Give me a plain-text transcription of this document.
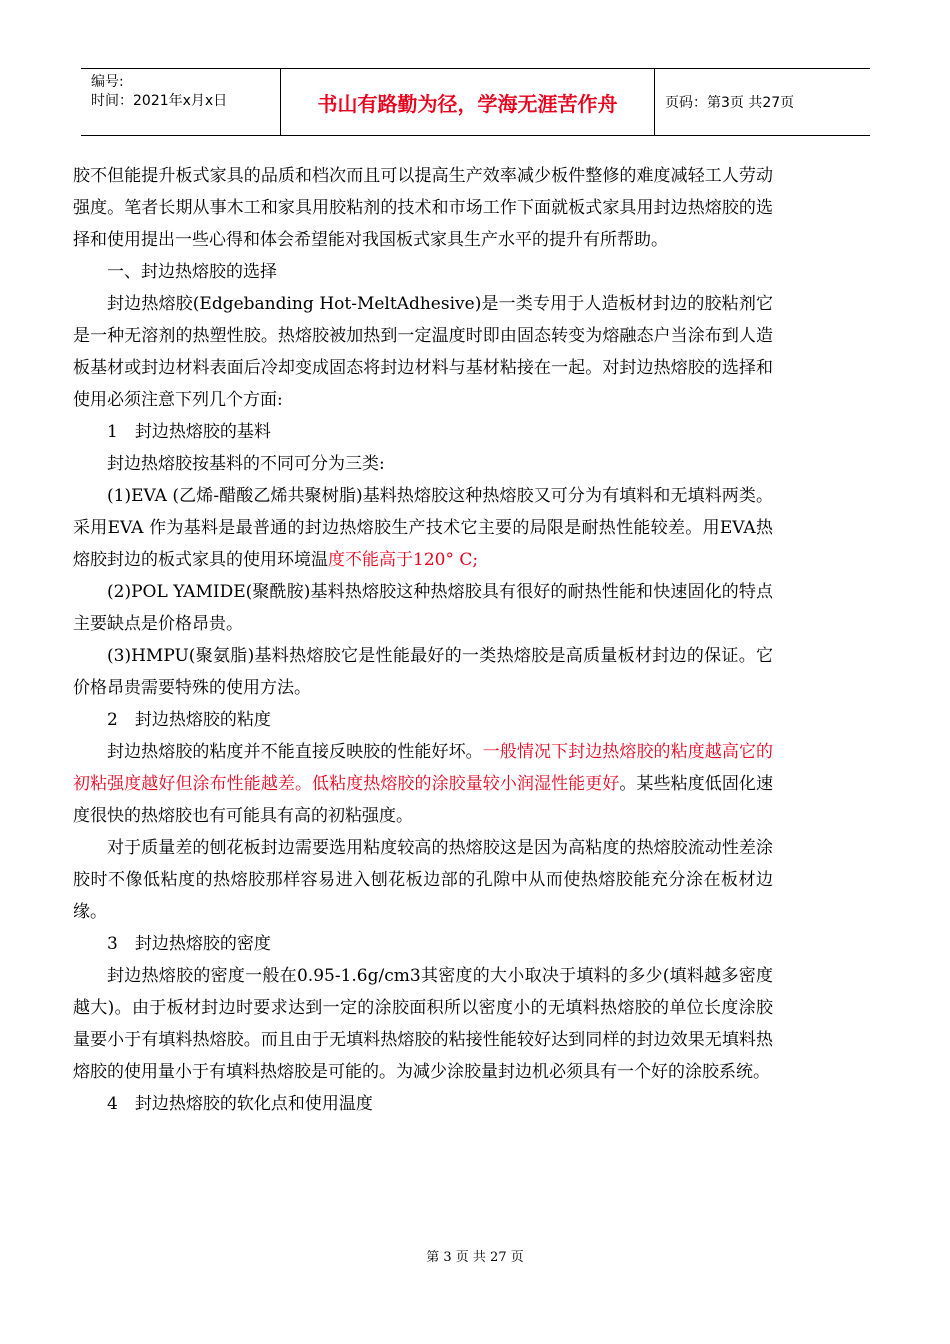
编号:
时间：2021年x月x日	书山有路勤为径，学海无涯苦作舟	页码：第3页 共27页

胶不但能提升板式家具的品质和档次而且可以提高生产效率减少板件整修的难度减轻工人劳动强度。笔者长期从事木工和家具用胶粘剂的技术和市场工作下面就板式家具用封边热熔胶的选择和使用提出一些心得和体会希望能对我国板式家具生产水平的提升有所帮助。

一、封边热熔胶的选择

封边热熔胶(Edgebanding Hot-MeltAdhesive)是一类专用于人造板材封边的胶粘剂它是一种无溶剂的热塑性胶。热熔胶被加热到一定温度时即由固态转变为熔融态户当涂布到人造板基材或封边材料表面后冷却变成固态将封边材料与基材粘接在一起。对封边热熔胶的选择和使用必须注意下列几个方面:

1　封边热熔胶的基料

封边热熔胶按基料的不同可分为三类:

(1)EVA (乙烯-醋酸乙烯共聚树脂)基料热熔胶这种热熔胶又可分为有填料和无填料两类。采用EVA 作为基料是最普通的封边热熔胶生产技术它主要的局限是耐热性能较差。用EVA热熔胶封边的板式家具的使用环境温度不能高于120° C;

(2)POL YAMIDE(聚酰胺)基料热熔胶这种热熔胶具有很好的耐热性能和快速固化的特点主要缺点是价格昂贵。

(3)HMPU(聚氨脂)基料热熔胶它是性能最好的一类热熔胶是高质量板材封边的保证。它价格昂贵需要特殊的使用方法。

2　封边热熔胶的粘度

封边热熔胶的粘度并不能直接反映胶的性能好坏。一般情况下封边热熔胶的粘度越高它的初粘强度越好但涂布性能越差。低粘度热熔胶的涂胶量较小润湿性能更好。某些粘度低固化速度很快的热熔胶也有可能具有高的初粘强度。

对于质量差的刨花板封边需要选用粘度较高的热熔胶这是因为高粘度的热熔胶流动性差涂胶时不像低粘度的热熔胶那样容易进入刨花板边部的孔隙中从而使热熔胶能充分涂在板材边缘。

3　封边热熔胶的密度

封边热熔胶的密度一般在0.95-1.6g/cm3其密度的大小取决于填料的多少(填料越多密度越大)。由于板材封边时要求达到一定的涂胶面积所以密度小的无填料热熔胶的单位长度涂胶量要小于有填料热熔胶。而且由于无填料热熔胶的粘接性能较好达到同样的封边效果无填料热熔胶的使用量小于有填料热熔胶是可能的。为减少涂胶量封边机必须具有一个好的涂胶系统。

4　封边热熔胶的软化点和使用温度

第 3 页 共 27 页
